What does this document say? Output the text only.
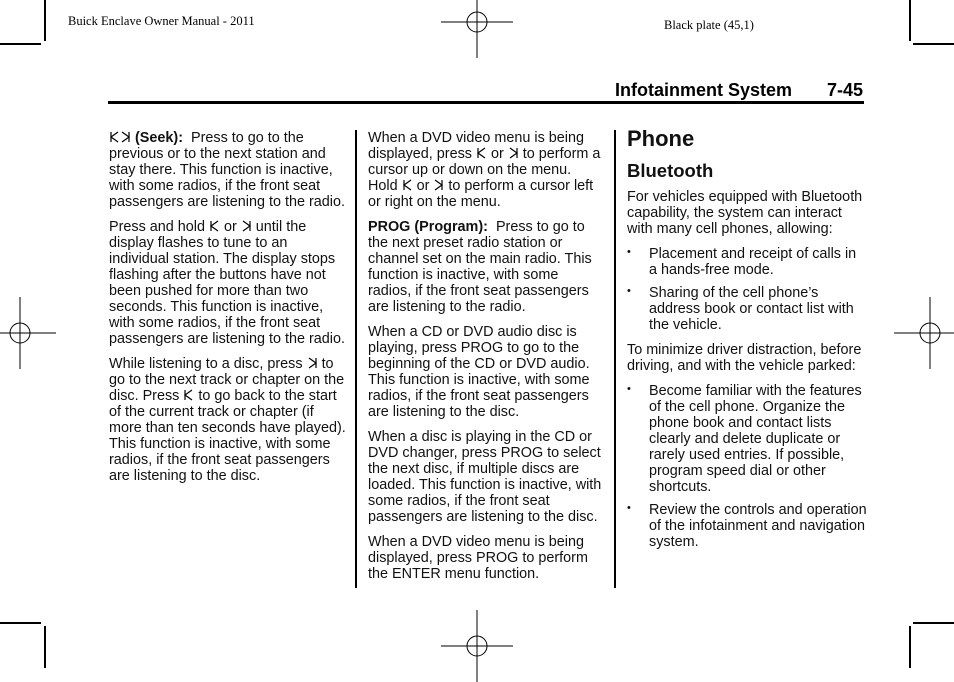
Buick Enclave Owner Manual - 2011	Black plate (45,1)
Infotainment System 7-45

(Seek): Press to go to the previous or to the next station and stay there. This function is inactive, with some radios, if the front seat passengers are listening to the radio.

Press and hold or until the display flashes to tune to an individual station. The display stops flashing after the buttons have not been pushed for more than two seconds. This function is inactive, with some radios, if the front seat passengers are listening to the radio.

While listening to a disc, press to go to the next track or chapter on the disc. Press to go back to the start of the current track or chapter (if more than ten seconds have played). This function is inactive, with some radios, if the front seat passengers are listening to the disc.

When a DVD video menu is being displayed, press or to perform a cursor up or down on the menu. Hold or to perform a cursor left or right on the menu.

PROG (Program): Press to go to the next preset radio station or channel set on the main radio. This function is inactive, with some radios, if the front seat passengers are listening to the radio.

When a CD or DVD audio disc is playing, press PROG to go to the beginning of the CD or DVD audio. This function is inactive, with some radios, if the front seat passengers are listening to the disc.

When a disc is playing in the CD or DVD changer, press PROG to select the next disc, if multiple discs are loaded. This function is inactive, with some radios, if the front seat passengers are listening to the disc.

When a DVD video menu is being displayed, press PROG to perform the ENTER menu function.

Phone
Bluetooth

For vehicles equipped with Bluetooth capability, the system can interact with many cell phones, allowing:

• Placement and receipt of calls in a hands-free mode.
• Sharing of the cell phone’s address book or contact list with the vehicle.

To minimize driver distraction, before driving, and with the vehicle parked:

• Become familiar with the features of the cell phone. Organize the phone book and contact lists clearly and delete duplicate or rarely used entries. If possible, program speed dial or other shortcuts.
• Review the controls and operation of the infotainment and navigation system.
